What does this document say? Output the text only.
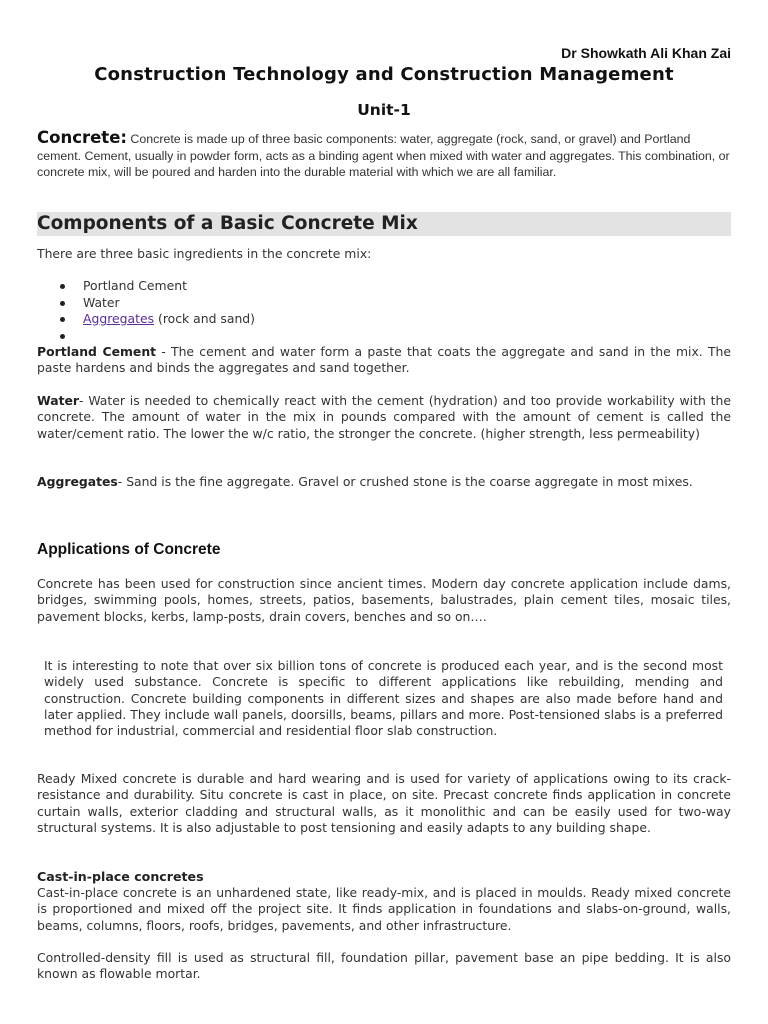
Dr Showkath Ali Khan Zai
Construction Technology and Construction Management
Unit-1
Concrete: Concrete is made up of three basic components: water, aggregate (rock, sand, or gravel) and Portland cement. Cement, usually in powder form, acts as a binding agent when mixed with water and aggregates. This combination, or concrete mix, will be poured and harden into the durable material with which we are all familiar.
Components of a Basic Concrete Mix

There are three basic ingredients in the concrete mix:

Portland Cement
Water
Aggregates (rock and sand)

Portland Cement - The cement and water form a paste that coats the aggregate and sand in the mix. The paste hardens and binds the aggregates and sand together.

Water- Water is needed to chemically react with the cement (hydration) and too provide workability with the concrete. The amount of water in the mix in pounds compared with the amount of cement is called the water/cement ratio. The lower the w/c ratio, the stronger the concrete. (higher strength, less permeability)

Aggregates- Sand is the fine aggregate. Gravel or crushed stone is the coarse aggregate in most mixes.

Applications of Concrete

Concrete has been used for construction since ancient times. Modern day concrete application include dams, bridges, swimming pools, homes, streets, patios, basements, balustrades, plain cement tiles, mosaic tiles, pavement blocks, kerbs, lamp-posts, drain covers, benches and so on….

It is interesting to note that over six billion tons of concrete is produced each year, and is the second most widely used substance. Concrete is specific to different applications like rebuilding, mending and construction. Concrete building components in different sizes and shapes are also made before hand and later applied. They include wall panels, doorsills, beams, pillars and more. Post-tensioned slabs is a preferred method for industrial, commercial and residential floor slab construction.

Ready Mixed concrete is durable and hard wearing and is used for variety of applications owing to its crack-resistance and durability. Situ concrete is cast in place, on site. Precast concrete finds application in concrete curtain walls, exterior cladding and structural walls, as it monolithic and can be easily used for two-way structural systems. It is also adjustable to post tensioning and easily adapts to any building shape.

Cast-in-place concretes

Cast-in-place concrete is an unhardened state, like ready-mix, and is placed in moulds. Ready mixed concrete is proportioned and mixed off the project site. It finds application in foundations and slabs-on-ground, walls, beams, columns, floors, roofs, bridges, pavements, and other infrastructure.

Controlled-density fill is used as structural fill, foundation pillar, pavement base an pipe bedding. It is also known as flowable mortar.
